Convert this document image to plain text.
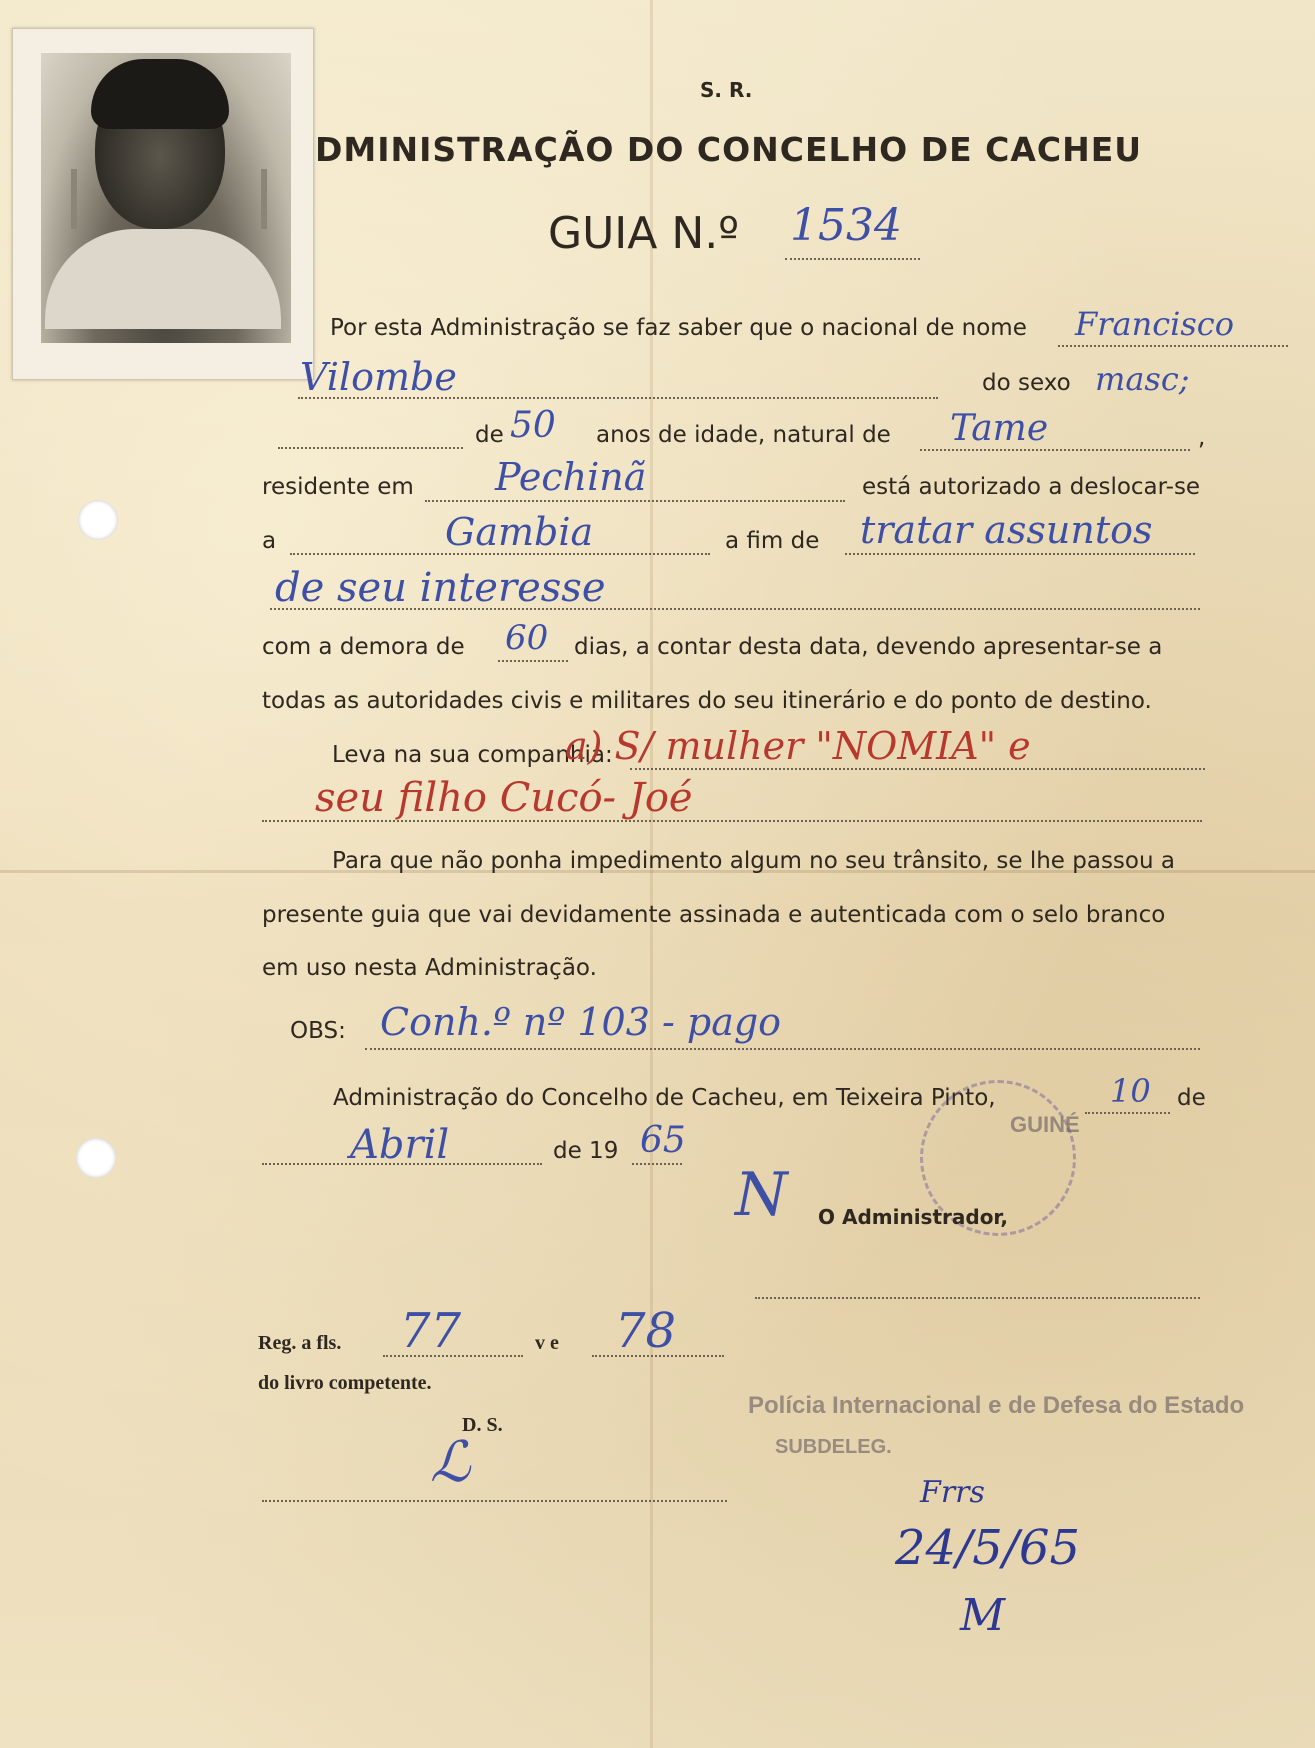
S. R.
DMINISTRAÇÃO DO CONCELHO DE CACHEU
GUIA N.º 1534
Por esta Administração se faz saber que o nacional de nome Francisco
Vilombe	do sexo masc;
de 50 anos de idade, natural de Tame	,
residente em Pechinã	está autorizado a deslocar-se
a	Gambia	a fim de tratar assuntos
de seu interesse
com a demora de 60 dias, a contar desta data, devendo apresentar-se a
todas as autoridades civis e militares do seu itinerário e do ponto de destino.
Leva na sua companhia:
a) S/ mulher "NOMIA" e
seu filho Cucó- Joé
Para que não ponha impedimento algum no seu trânsito, se lhe passou a
presente guia que vai devidamente assinada e autenticada com o selo branco
em uso nesta Administração.
OBS: Conh.º nº 103 - pago
Administração do Concelho de Cacheu, em Teixeira Pinto,	10 de
Abril	de 19 65	GUINÉ
N O Administrador,
Reg. a fls. 77	v e 78
do livro competente.
D. S.
ℒ
Polícia Internacional e de Defesa do Estado
SUBDELEG.
Frrs
24/5/65
M
